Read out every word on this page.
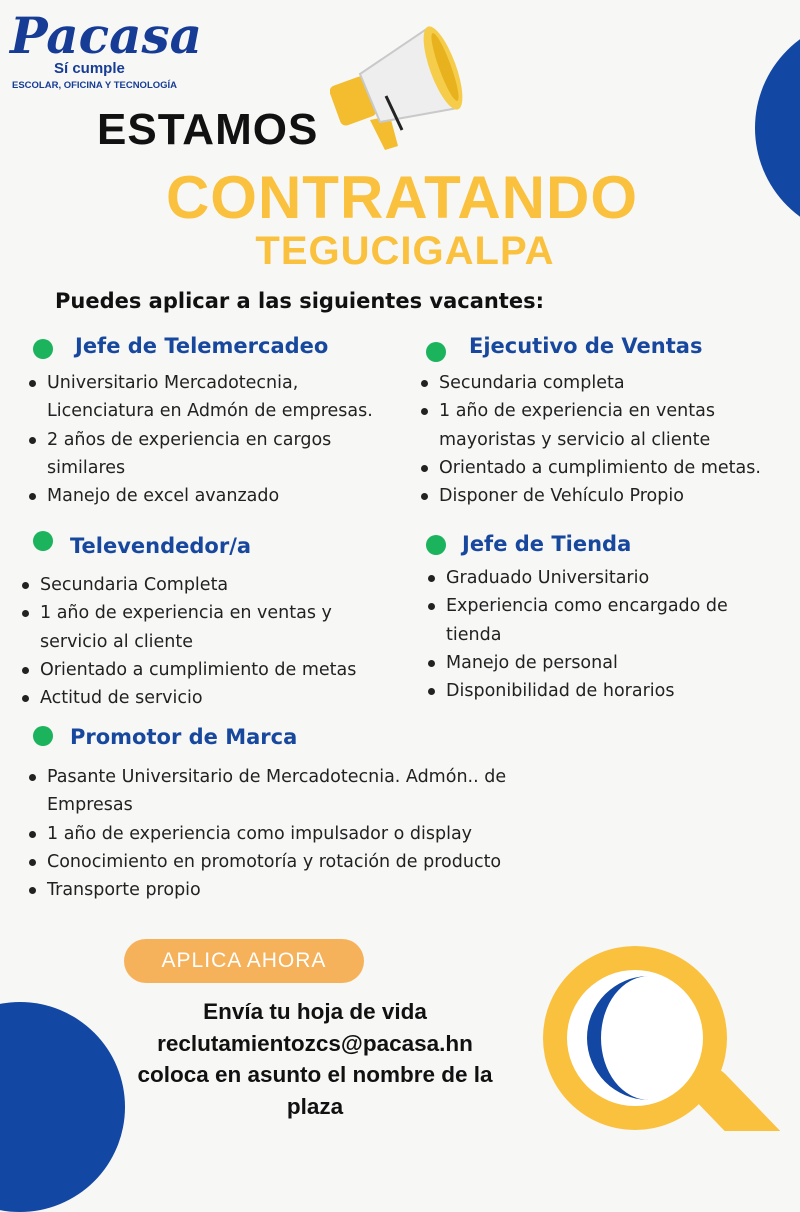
Pacasa
Sí cumple
ESCOLAR, OFICINA Y TECNOLOGÍA
ESTAMOS
CONTRATANDO
TEGUCIGALPA
Puedes aplicar a las siguientes vacantes:
Jefe de Telemercadeo
Universitario Mercadotecnia, Licenciatura en Admón de empresas.
2 años de experiencia en cargos similares
Manejo de excel avanzado
Ejecutivo de Ventas
Secundaria completa
1 año de experiencia en ventas mayoristas y servicio al cliente
Orientado a cumplimiento de metas.
Disponer de Vehículo Propio
Televendedor/a
Secundaria Completa
1 año de experiencia en ventas y servicio al cliente
Orientado a cumplimiento de metas
Actitud de servicio
Jefe de Tienda
Graduado Universitario
Experiencia como encargado de tienda
Manejo de personal
Disponibilidad de horarios
Promotor de Marca
Pasante Universitario de Mercadotecnia. Admón.. de Empresas
1 año de experiencia como impulsador o display
Conocimiento en promotoría y rotación de producto
Transporte propio
APLICA AHORA
Envía tu hoja de vida
reclutamientozcs@pacasa.hn
coloca en asunto el nombre de la
plaza
